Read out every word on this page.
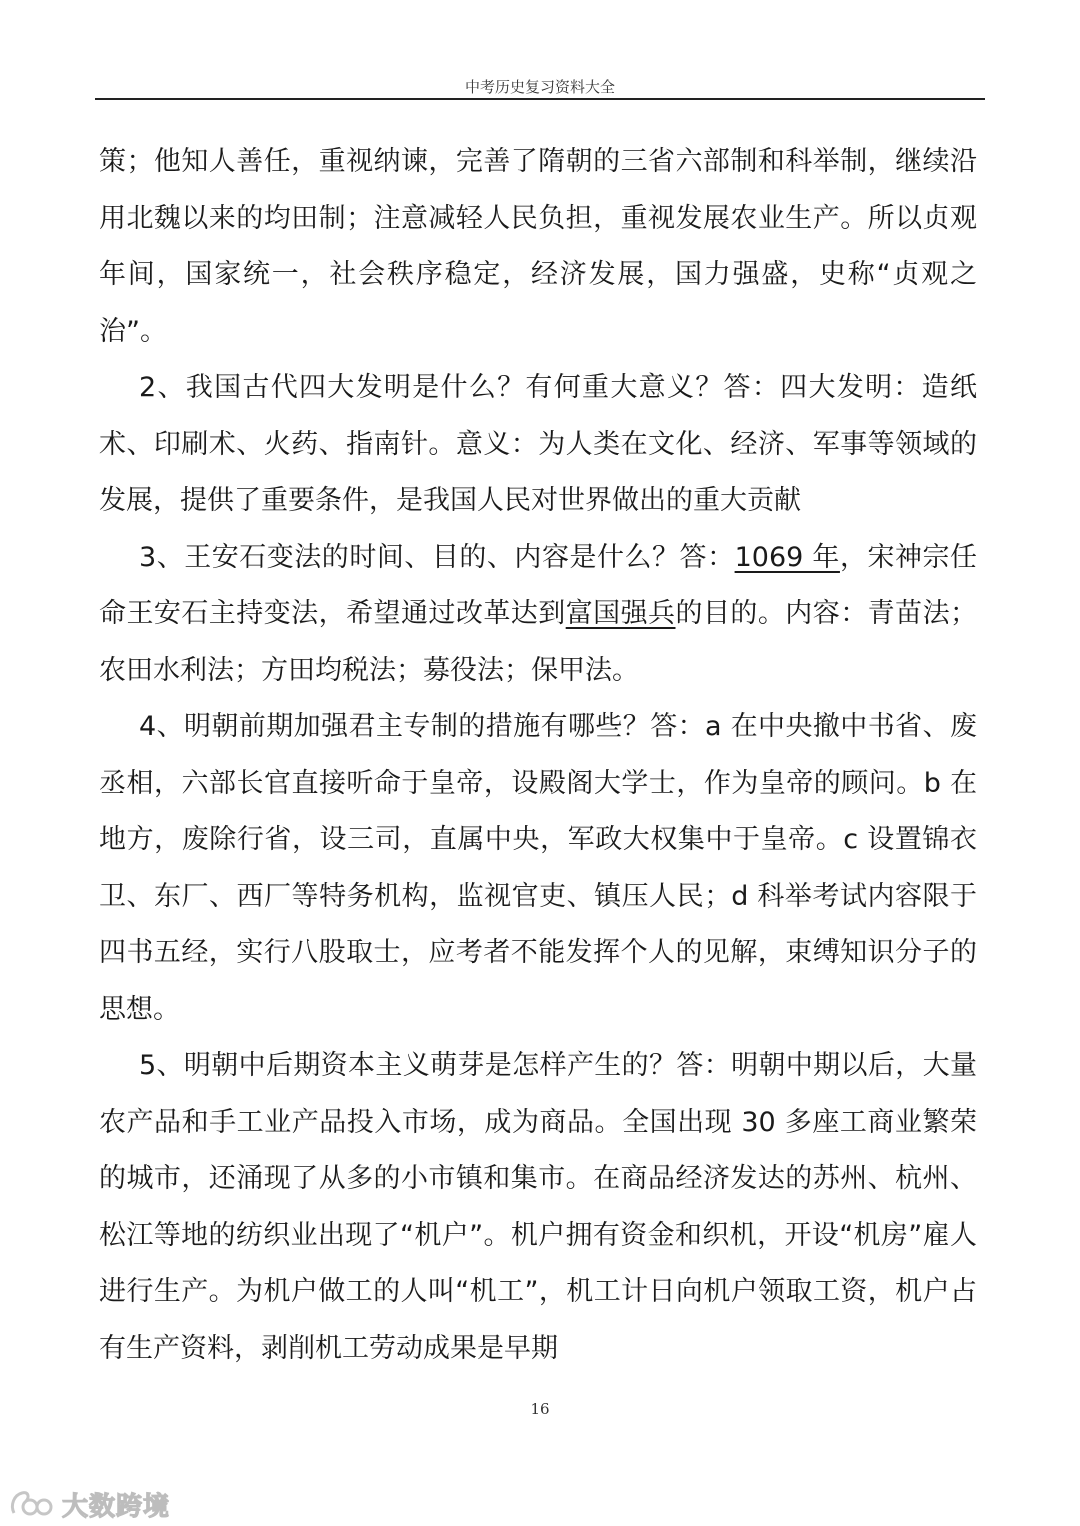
中考历史复习资料大全

策；他知人善任，重视纳谏，完善了隋朝的三省六部制和科举制，继续沿用北魏以来的均田制；注意减轻人民负担，重视发展农业生产。所以贞观年间，国家统一，社会秩序稳定，经济发展，国力强盛，史称“贞观之治”。

2、我国古代四大发明是什么？有何重大意义？答：四大发明：造纸术、印刷术、火药、指南针。意义：为人类在文化、经济、军事等领域的发展，提供了重要条件，是我国人民对世界做出的重大贡献

3、王安石变法的时间、目的、内容是什么？答：1069 年，宋神宗任命王安石主持变法，希望通过改革达到富国强兵的目的。内容：青苗法；农田水利法；方田均税法；募役法；保甲法。

4、明朝前期加强君主专制的措施有哪些？答：a 在中央撤中书省、废丞相，六部长官直接听命于皇帝，设殿阁大学士，作为皇帝的顾问。b 在地方，废除行省，设三司，直属中央，军政大权集中于皇帝。c 设置锦衣卫、东厂、西厂等特务机构，监视官吏、镇压人民；d 科举考试内容限于四书五经，实行八股取士，应考者不能发挥个人的见解，束缚知识分子的思想。

5、明朝中后期资本主义萌芽是怎样产生的？答：明朝中期以后，大量农产品和手工业产品投入市场，成为商品。全国出现 30 多座工商业繁荣的城市，还涌现了从多的小市镇和集市。在商品经济发达的苏州、杭州、松江等地的纺织业出现了“机户”。机户拥有资金和织机，开设“机房”雇人进行生产。为机户做工的人叫“机工”，机工计日向机户领取工资，机户占有生产资料，剥削机工劳动成果是早期

16
大数跨境
